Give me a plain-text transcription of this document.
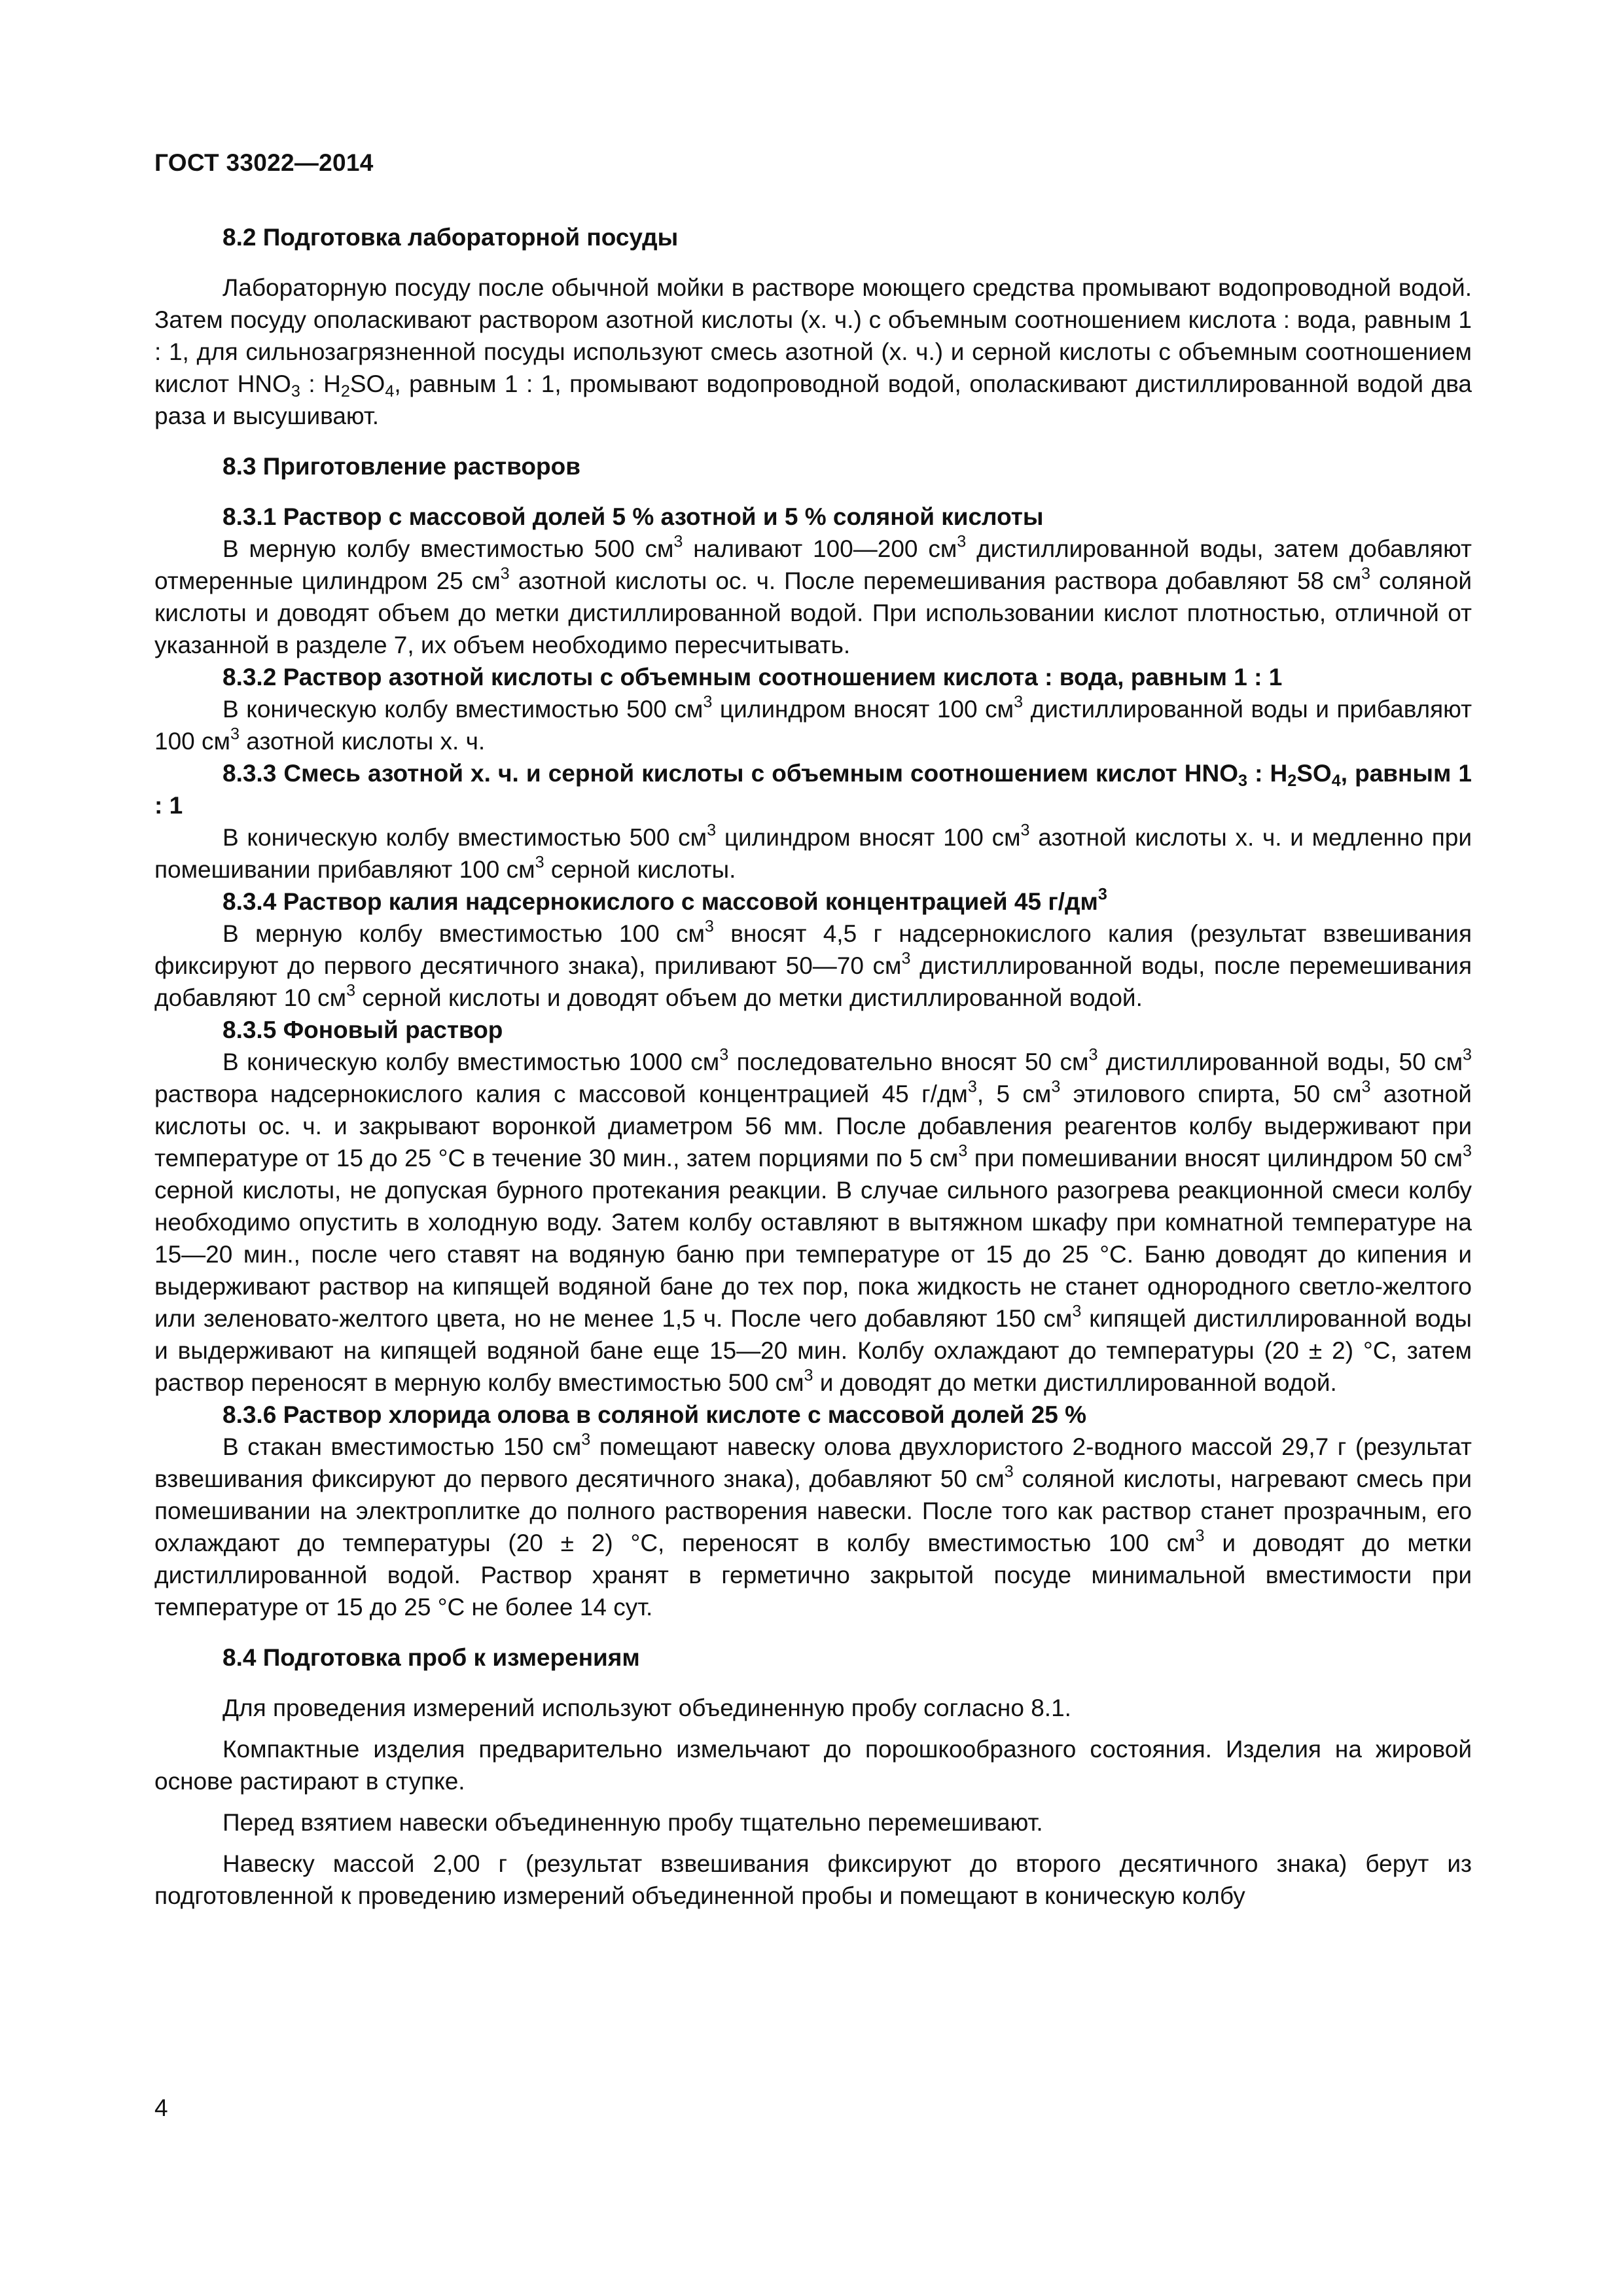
ГОСТ 33022—2014

8.2 Подготовка лабораторной посуды

Лабораторную посуду после обычной мойки в растворе моющего средства промывают водопроводной водой. Затем посуду ополаскивают раствором азотной кислоты (х. ч.) с объемным соотношением кислота : вода, равным 1 : 1, для сильнозагрязненной посуды используют смесь азотной (х. ч.) и серной кислоты с объемным соотношением кислот $HNO_3$ : $H_2SO_4$, равным 1 : 1, промывают водопроводной водой, ополаскивают дистиллированной водой два раза и высушивают.

8.3 Приготовление растворов

8.3.1 Раствор с массовой долей 5 % азотной и 5 % соляной кислоты

В мерную колбу вместимостью 500 $см^3$ наливают 100—200 $см^3$ дистиллированной воды, затем добавляют отмеренные цилиндром 25 $см^3$ азотной кислоты ос. ч. После перемешивания раствора добавляют 58 $см^3$ соляной кислоты и доводят объем до метки дистиллированной водой. При использовании кислот плотностью, отличной от указанной в разделе 7, их объем необходимо пересчитывать.

8.3.2 Раствор азотной кислоты с объемным соотношением кислота : вода, равным 1 : 1

В коническую колбу вместимостью 500 $см^3$ цилиндром вносят 100 $см^3$ дистиллированной воды и прибавляют 100 $см^3$ азотной кислоты х. ч.

8.3.3 Смесь азотной х. ч. и серной кислоты с объемным соотношением кислот $HNO_3$ : $H_2SO_4$, равным 1 : 1

В коническую колбу вместимостью 500 $см^3$ цилиндром вносят 100 $см^3$ азотной кислоты х. ч. и медленно при помешивании прибавляют 100 $см^3$ серной кислоты.

8.3.4 Раствор калия надсернокислого с массовой концентрацией 45 $г/дм^3$

В мерную колбу вместимостью 100 $см^3$ вносят 4,5 г надсернокислого калия (результат взвешивания фиксируют до первого десятичного знака), приливают 50—70 $см^3$ дистиллированной воды, после перемешивания добавляют 10 $см^3$ серной кислоты и доводят объем до метки дистиллированной водой.

8.3.5 Фоновый раствор

В коническую колбу вместимостью 1000 $см^3$ последовательно вносят 50 $см^3$ дистиллированной воды, 50 $см^3$ раствора надсернокислого калия с массовой концентрацией 45 $г/дм^3$, 5 $см^3$ этилового спирта, 50 $см^3$ азотной кислоты ос. ч. и закрывают воронкой диаметром 56 мм. После добавления реагентов колбу выдерживают при температуре от 15 до 25 °С в течение 30 мин., затем порциями по 5 $см^3$ при помешивании вносят цилиндром 50 $см^3$ серной кислоты, не допуская бурного протекания реакции. В случае сильного разогрева реакционной смеси колбу необходимо опустить в холодную воду. Затем колбу оставляют в вытяжном шкафу при комнатной температуре на 15—20 мин., после чего ставят на водяную баню при температуре от 15 до 25 °С. Баню доводят до кипения и выдерживают раствор на кипящей водяной бане до тех пор, пока жидкость не станет однородного светло-желтого или зеленовато-желтого цвета, но не менее 1,5 ч. После чего добавляют 150 $см^3$ кипящей дистиллированной воды и выдерживают на кипящей водяной бане еще 15—20 мин. Колбу охлаждают до температуры (20 ± 2) °С, затем раствор переносят в мерную колбу вместимостью 500 $см^3$ и доводят до метки дистиллированной водой.

8.3.6 Раствор хлорида олова в соляной кислоте с массовой долей 25 %

В стакан вместимостью 150 $см^3$ помещают навеску олова двухлористого 2-водного массой 29,7 г (результат взвешивания фиксируют до первого десятичного знака), добавляют 50 $см^3$ соляной кислоты, нагревают смесь при помешивании на электроплитке до полного растворения навески. После того как раствор станет прозрачным, его охлаждают до температуры (20 ± 2) °С, переносят в колбу вместимостью 100 $см^3$ и доводят до метки дистиллированной водой. Раствор хранят в герметично закрытой посуде минимальной вместимости при температуре от 15 до 25 °С не более 14 сут.

8.4 Подготовка проб к измерениям

Для проведения измерений используют объединенную пробу согласно 8.1.

Компактные изделия предварительно измельчают до порошкообразного состояния. Изделия на жировой основе растирают в ступке.

Перед взятием навески объединенную пробу тщательно перемешивают.

Навеску массой 2,00 г (результат взвешивания фиксируют до второго десятичного знака) берут из подготовленной к проведению измерений объединенной пробы и помещают в коническую колбу

4
